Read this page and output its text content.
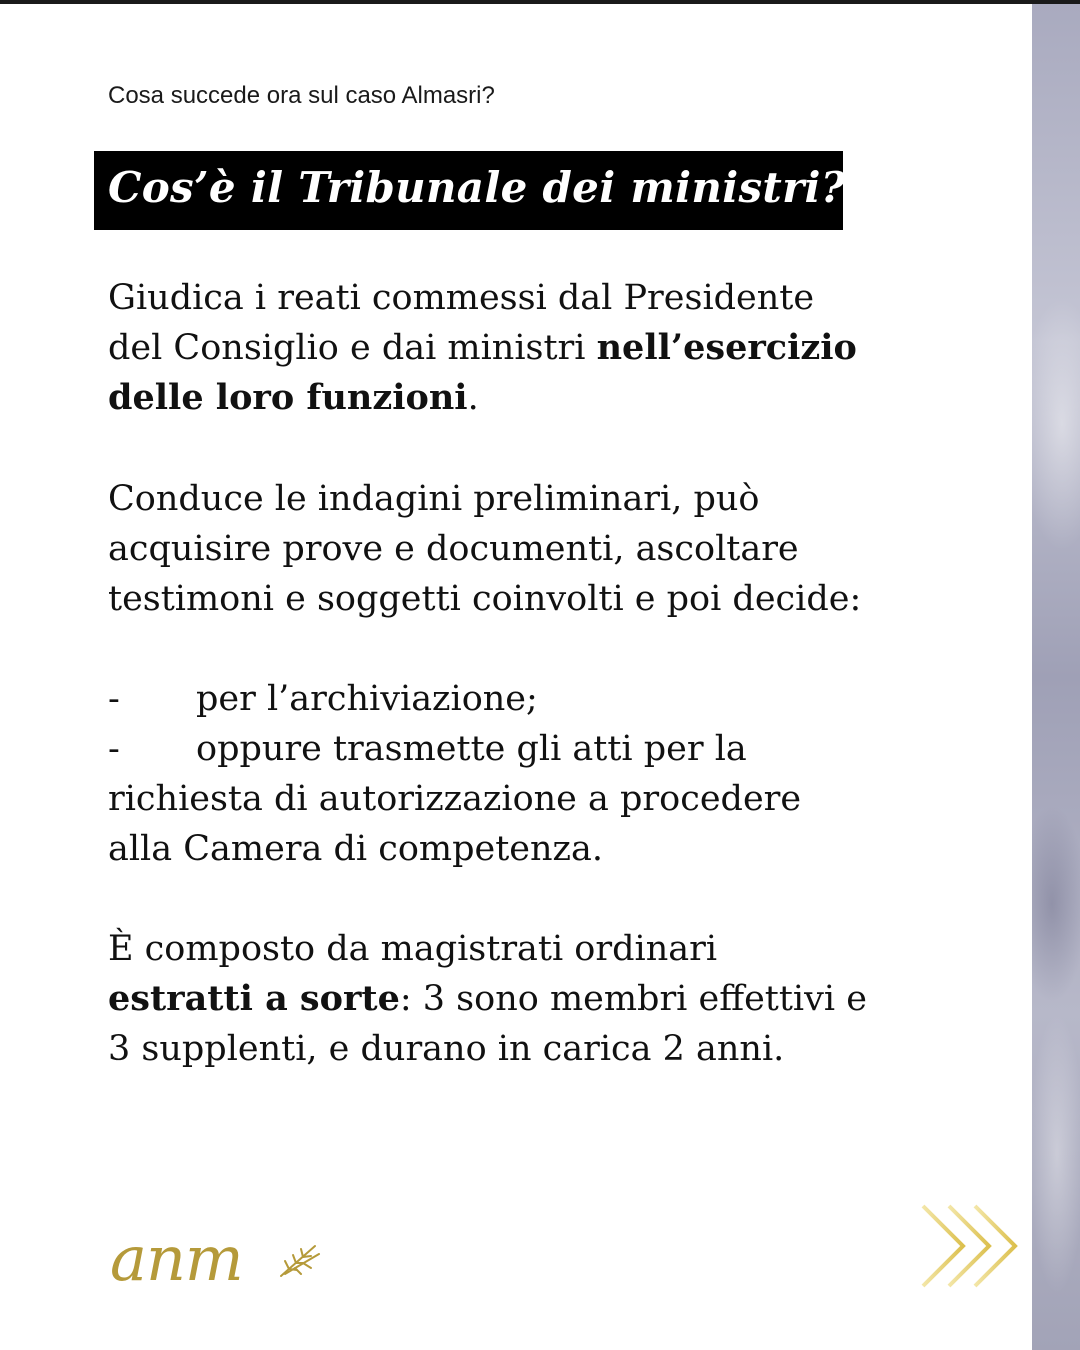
Cosa succede ora sul caso Almasri?
Cos’è il Tribunale dei ministri?
Giudica i reati commessi dal Presidente
del Consiglio e dai ministri nell’esercizio
delle loro funzioni.
Conduce le indagini preliminari, può
acquisire prove e documenti, ascoltare
testimoni e soggetti coinvolti e poi decide:
- per l’archiviazione;
- oppure trasmette gli atti per la
richiesta di autorizzazione a procedere
alla Camera di competenza.
È composto da magistrati ordinari
estratti a sorte: 3 sono membri effettivi e
3 supplenti, e durano in carica 2 anni.
anm
